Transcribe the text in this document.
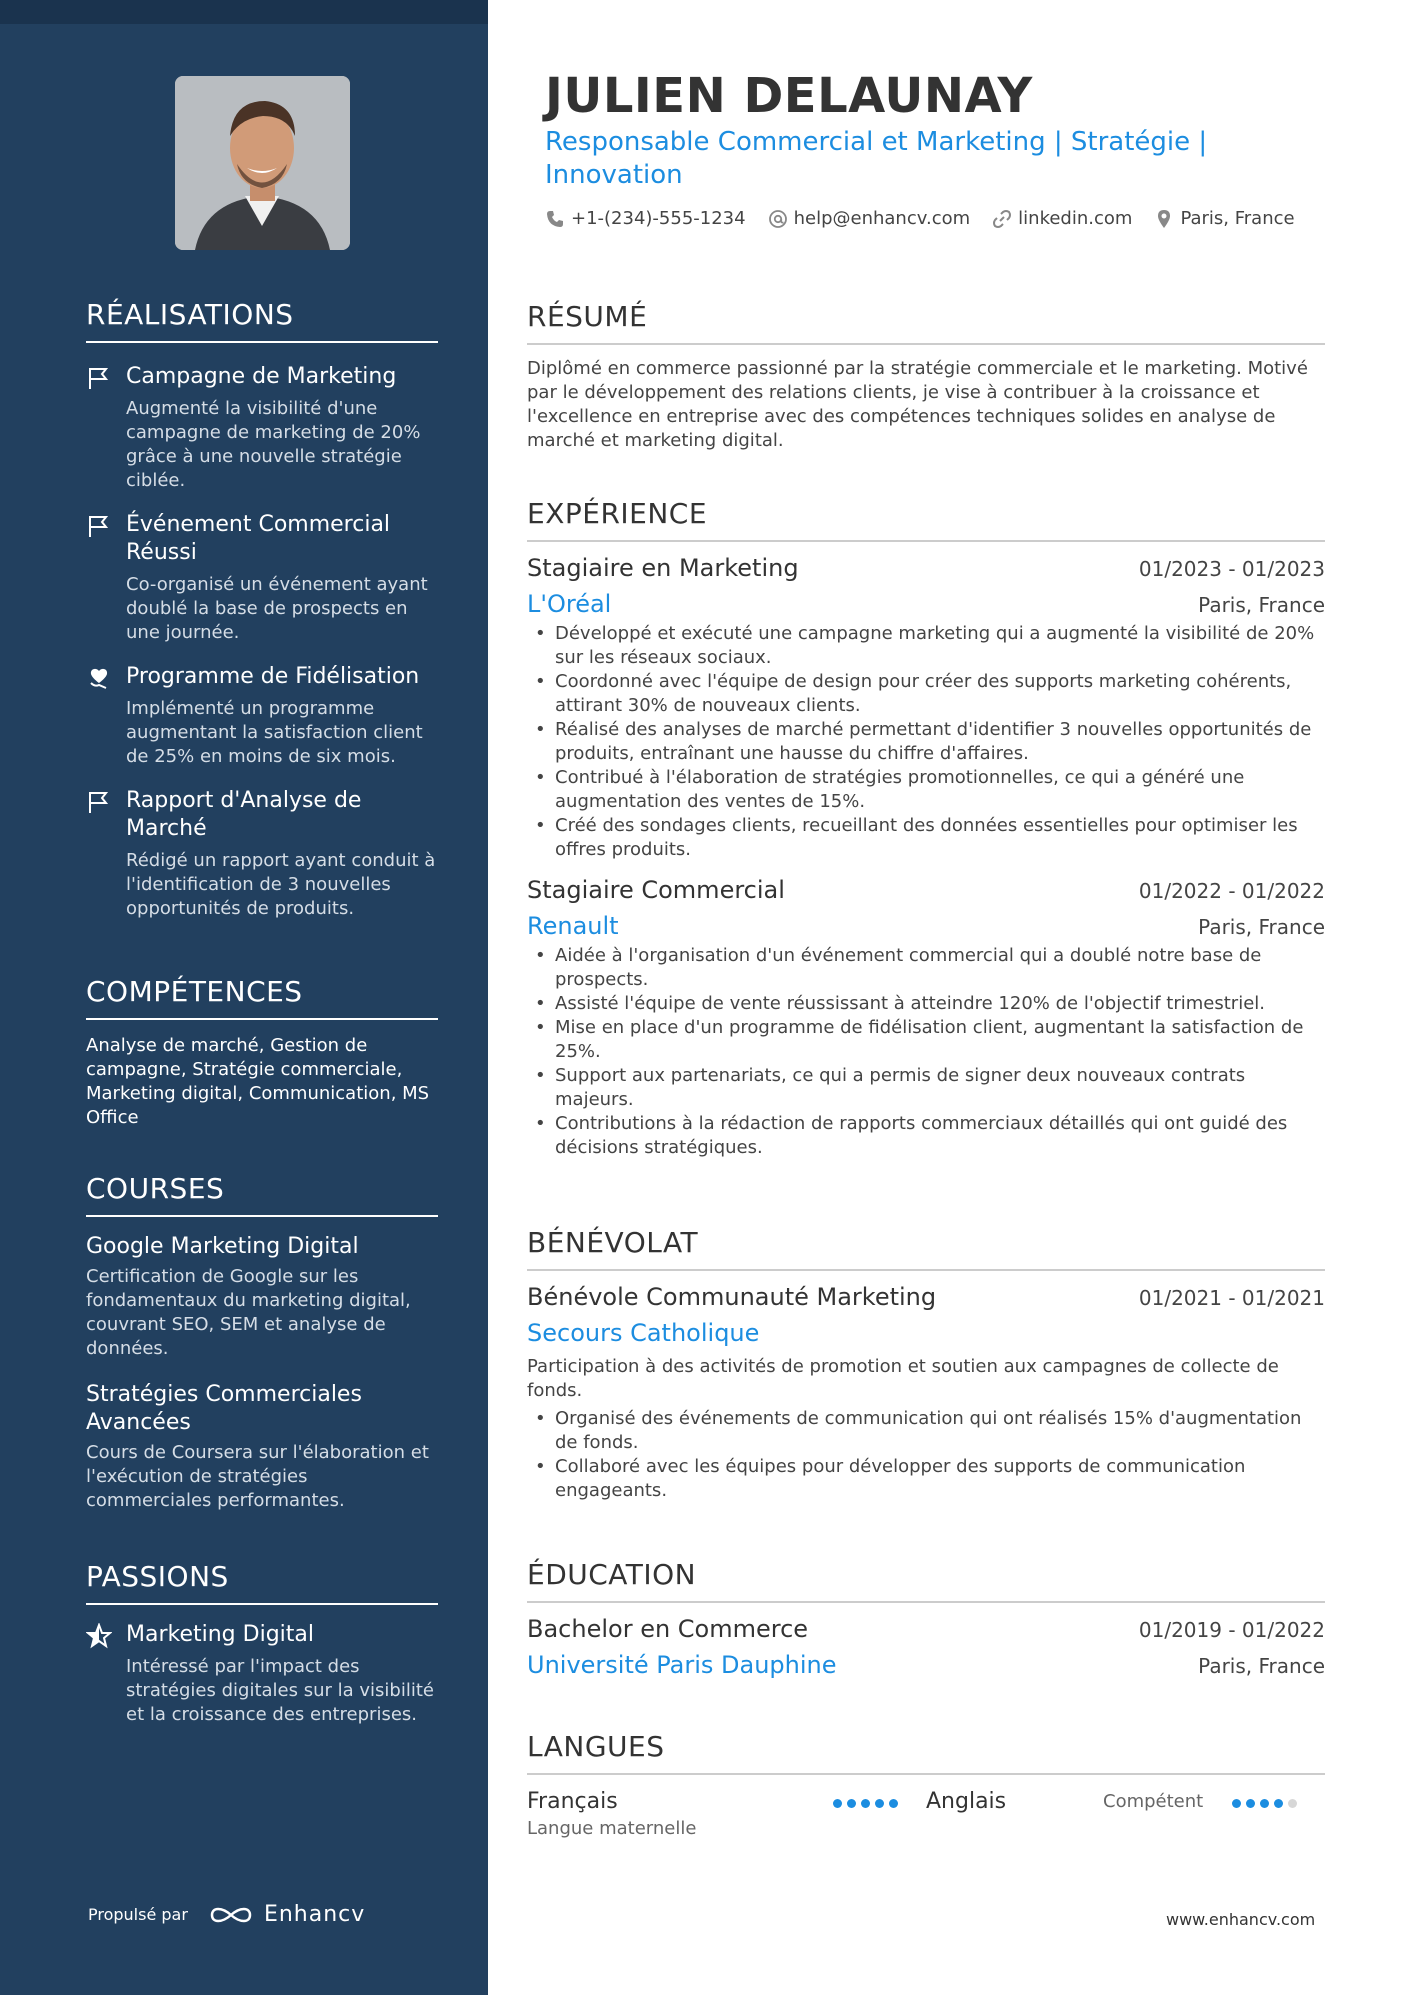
RÉALISATIONS
Campagne de Marketing
Augmenté la visibilité d'une campagne de marketing de 20% grâce à une nouvelle stratégie ciblée.
Événement Commercial Réussi
Co-organisé un événement ayant doublé la base de prospects en une journée.
Programme de Fidélisation
Implémenté un programme augmentant la satisfaction client de 25% en moins de six mois.
Rapport d'Analyse de Marché
Rédigé un rapport ayant conduit à l'identification de 3 nouvelles opportunités de produits.
COMPÉTENCES
Analyse de marché, Gestion de campagne, Stratégie commerciale, Marketing digital, Communication, MS Office
COURSES
Google Marketing Digital
Certification de Google sur les fondamentaux du marketing digital, couvrant SEO, SEM et analyse de données.
Stratégies Commerciales Avancées
Cours de Coursera sur l'élaboration et l'exécution de stratégies commerciales performantes.
PASSIONS
Marketing Digital
Intéressé par l'impact des stratégies digitales sur la visibilité et la croissance des entreprises.
Propulsé par	Enhancv
JULIEN DELAUNAY
Responsable Commercial et Marketing | Stratégie | Innovation
+1-(234)-555-1234	help@enhancv.com	linkedin.com	Paris, France
RÉSUMÉ
Diplômé en commerce passionné par la stratégie commerciale et le marketing. Motivé par le développement des relations clients, je vise à contribuer à la croissance et l'excellence en entreprise avec des compétences techniques solides en analyse de marché et marketing digital.
EXPÉRIENCE
Stagiaire en Marketing	01/2023 - 01/2023
L'Oréal	Paris, France
• Développé et exécuté une campagne marketing qui a augmenté la visibilité de 20% sur les réseaux sociaux.
• Coordonné avec l'équipe de design pour créer des supports marketing cohérents, attirant 30% de nouveaux clients.
• Réalisé des analyses de marché permettant d'identifier 3 nouvelles opportunités de produits, entraînant une hausse du chiffre d'affaires.
• Contribué à l'élaboration de stratégies promotionnelles, ce qui a généré une augmentation des ventes de 15%.
• Créé des sondages clients, recueillant des données essentielles pour optimiser les offres produits.
Stagiaire Commercial	01/2022 - 01/2022
Renault	Paris, France
• Aidée à l'organisation d'un événement commercial qui a doublé notre base de prospects.
• Assisté l'équipe de vente réussissant à atteindre 120% de l'objectif trimestriel.
• Mise en place d'un programme de fidélisation client, augmentant la satisfaction de 25%.
• Support aux partenariats, ce qui a permis de signer deux nouveaux contrats majeurs.
• Contributions à la rédaction de rapports commerciaux détaillés qui ont guidé des décisions stratégiques.
BÉNÉVOLAT
Bénévole Communauté Marketing	01/2021 - 01/2021
Secours Catholique
Participation à des activités de promotion et soutien aux campagnes de collecte de fonds.
• Organisé des événements de communication qui ont réalisés 15% d'augmentation de fonds.
• Collaboré avec les équipes pour développer des supports de communication engageants.
ÉDUCATION
Bachelor en Commerce	01/2019 - 01/2022
Université Paris Dauphine	Paris, France
LANGUES
Français
Langue maternelle
Anglais	Compétent
www.enhancv.com
